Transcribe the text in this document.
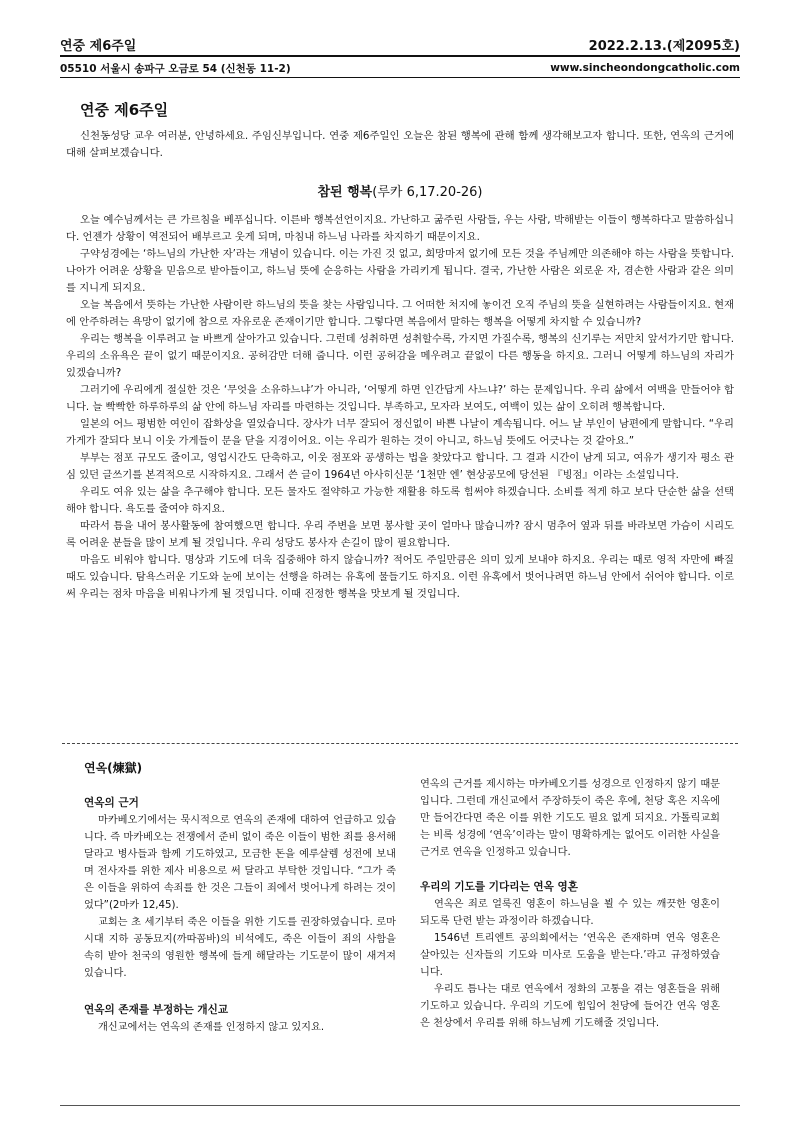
연중 제6주일	2022.2.13.(제2095호)
05510 서울시 송파구 오금로 54 (신천동 11-2)	www.sincheondongcatholic.com
연중 제6주일

신천동성당 교우 여러분, 안녕하세요. 주임신부입니다. 연중 제6주일인 오늘은 참된 행복에 관해 함께 생각해보고자 합니다. 또한, 연옥의 근거에 대해 살펴보겠습니다.

참된 행복(루카 6,17.20-26)

오늘 예수님께서는 큰 가르침을 베푸십니다. 이른바 행복선언이지요. 가난하고 굶주린 사람들, 우는 사람, 박해받는 이들이 행복하다고 말씀하십니다. 언젠가 상황이 역전되어 배부르고 웃게 되며, 마침내 하느님 나라를 차지하기 때문이지요.

구약성경에는 ‘하느님의 가난한 자’라는 개념이 있습니다. 이는 가진 것 없고, 희망마저 없기에 모든 것을 주님께만 의존해야 하는 사람을 뜻합니다. 나아가 어려운 상황을 믿음으로 받아들이고, 하느님 뜻에 순응하는 사람을 가리키게 됩니다. 결국, 가난한 사람은 외로운 자, 겸손한 사람과 같은 의미를 지니게 되지요.

오늘 복음에서 뜻하는 가난한 사람이란 하느님의 뜻을 찾는 사람입니다. 그 어떠한 처지에 놓이건 오직 주님의 뜻을 실현하려는 사람들이지요. 현재에 안주하려는 욕망이 없기에 참으로 자유로운 존재이기만 합니다. 그렇다면 복음에서 말하는 행복을 어떻게 차지할 수 있습니까?

우리는 행복을 이루려고 늘 바쁘게 살아가고 있습니다. 그런데 성취하면 성취할수록, 가지면 가질수록, 행복의 신기루는 저만치 앞서가기만 합니다. 우리의 소유욕은 끝이 없기 때문이지요. 공허감만 더해 줍니다. 이런 공허감을 메우려고 끝없이 다른 행동을 하지요. 그러니 어떻게 하느님의 자리가 있겠습니까?

그러기에 우리에게 절실한 것은 ‘무엇을 소유하느냐’가 아니라, ‘어떻게 하면 인간답게 사느냐?’ 하는 문제입니다. 우리 삶에서 여백을 만들어야 합니다. 늘 빡빡한 하루하루의 삶 안에 하느님 자리를 마련하는 것입니다. 부족하고, 모자라 보여도, 여백이 있는 삶이 오히려 행복합니다.

일본의 어느 평범한 여인이 잡화상을 열었습니다. 장사가 너무 잘되어 정신없이 바쁜 나날이 계속됩니다. 어느 날 부인이 남편에게 말합니다. “우리 가게가 잘되다 보니 이웃 가게들이 문을 닫을 지경이어요. 이는 우리가 원하는 것이 아니고, 하느님 뜻에도 어긋나는 것 같아요.”

부부는 점포 규모도 줄이고, 영업시간도 단축하고, 이웃 점포와 공생하는 법을 찾았다고 합니다. 그 결과 시간이 남게 되고, 여유가 생기자 평소 관심 있던 글쓰기를 본격적으로 시작하지요. 그래서 쓴 글이 1964년 아사히신문 ‘1천만 엔’ 현상공모에 당선된 『빙점』이라는 소설입니다.

우리도 여유 있는 삶을 추구해야 합니다. 모든 물자도 절약하고 가능한 재활용 하도록 힘써야 하겠습니다. 소비를 적게 하고 보다 단순한 삶을 선택해야 합니다. 욕도를 줄여야 하지요.

따라서 틈을 내어 봉사활동에 참여했으면 합니다. 우리 주변을 보면 봉사할 곳이 얼마나 많습니까? 잠시 멈추어 옆과 뒤를 바라보면 가슴이 시리도록 어려운 분들을 많이 보게 될 것입니다. 우리 성당도 봉사자 손길이 많이 필요합니다.

마음도 비워야 합니다. 명상과 기도에 더욱 집중해야 하지 않습니까? 적어도 주일만큼은 의미 있게 보내야 하지요. 우리는 때로 영적 자만에 빠질 때도 있습니다. 탐욕스러운 기도와 눈에 보이는 선행을 하려는 유혹에 물들기도 하지요. 이런 유혹에서 벗어나려면 하느님 안에서 쉬어야 합니다. 이로써 우리는 점차 마음을 비워나가게 될 것입니다. 이때 진정한 행복을 맛보게 될 것입니다.

연옥(煉獄)
연옥의 근거

마카베오기에서는 묵시적으로 연옥의 존재에 대하여 언급하고 있습니다. 즉 마카베오는 전쟁에서 준비 없이 죽은 이들이 범한 죄를 용서해달라고 병사들과 함께 기도하였고, 모금한 돈을 예루살렘 성전에 보내며 전사자를 위한 제사 비용으로 써 달라고 부탁한 것입니다. “그가 죽은 이들을 위하여 속죄를 한 것은 그들이 죄에서 벗어나게 하려는 것이었다”(2마카 12,45).

교회는 초 세기부터 죽은 이들을 위한 기도를 권장하였습니다. 로마 시대 지하 공동묘지(까따꼼바)의 비석에도, 죽은 이들이 죄의 사함을 속히 받아 천국의 영원한 행복에 들게 해달라는 기도문이 많이 새겨져 있습니다.

연옥의 존재를 부정하는 개신교

개신교에서는 연옥의 존재를 인정하지 않고 있지요.

연옥의 근거를 제시하는 마카베오기를 성경으로 인정하지 않기 때문입니다. 그런데 개신교에서 주장하듯이 죽은 후에, 천당 혹은 지옥에만 들어간다면 죽은 이를 위한 기도도 필요 없게 되지요. 가톨릭교회는 비록 성경에 ‘연옥’이라는 말이 명확하게는 없어도 이러한 사실을 근거로 연옥을 인정하고 있습니다.

우리의 기도를 기다리는 연옥 영혼

연옥은 죄로 얼룩진 영혼이 하느님을 뵐 수 있는 깨끗한 영혼이 되도록 단련 받는 과정이라 하겠습니다.

1546년 트리엔트 공의회에서는 ‘연옥은 존재하며 연옥 영혼은 살아있는 신자들의 기도와 미사로 도움을 받는다.’라고 규정하였습니다.

우리도 틈나는 대로 연옥에서 정화의 고통을 겪는 영혼들을 위해 기도하고 있습니다. 우리의 기도에 힘입어 천당에 들어간 연옥 영혼은 천상에서 우리를 위해 하느님께 기도해줄 것입니다.
